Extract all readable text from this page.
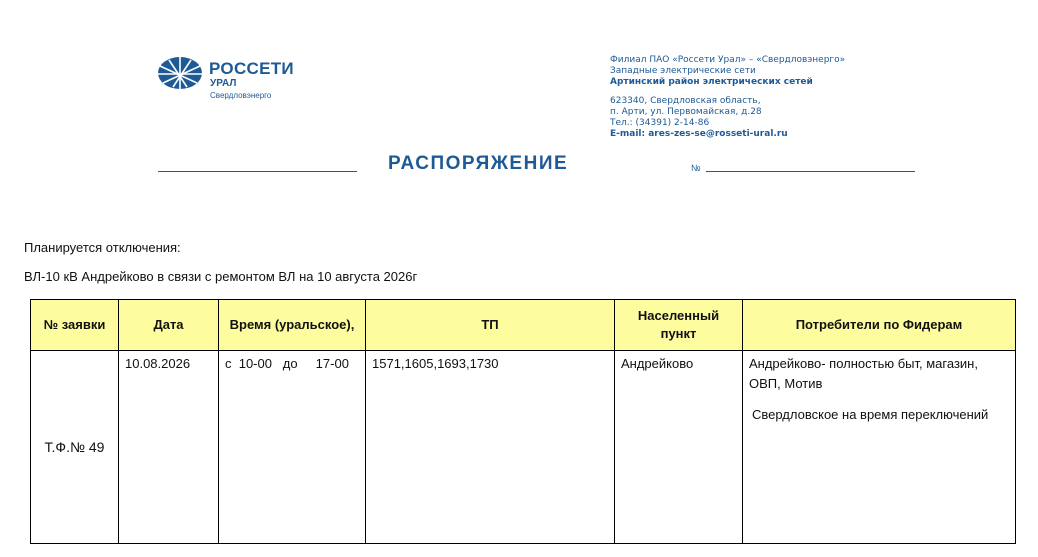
РОССЕТИ
УРАЛ
Свердловэнерго
Филиал ПАО «Россети Урал» – «Свердловэнерго»
Западные электрические сети
Артинский район электрических сетей
623340, Свердловская область,
п. Арти, ул. Первомайская, д.28
Тел.: (34391) 2-14-86
E-mail: ares-zes-se@rosseti-ural.ru
РАСПОРЯЖЕНИЕ	№
Планируется отключения:
ВЛ-10 кВ Андрейково в связи с ремонтом ВЛ на 10 августа 2026г
№ заявки	Дата	Время (уральское),	ТП	Населенный пункт	Потребители по Фидерам
Т.Ф.№ 49	10.08.2026	с  10-00   до     17-00	1571,1605,1693,1730	Андрейково	Андрейково- полностью быт, магазин, ОВП, Мотив
Свердловское на время переключений
